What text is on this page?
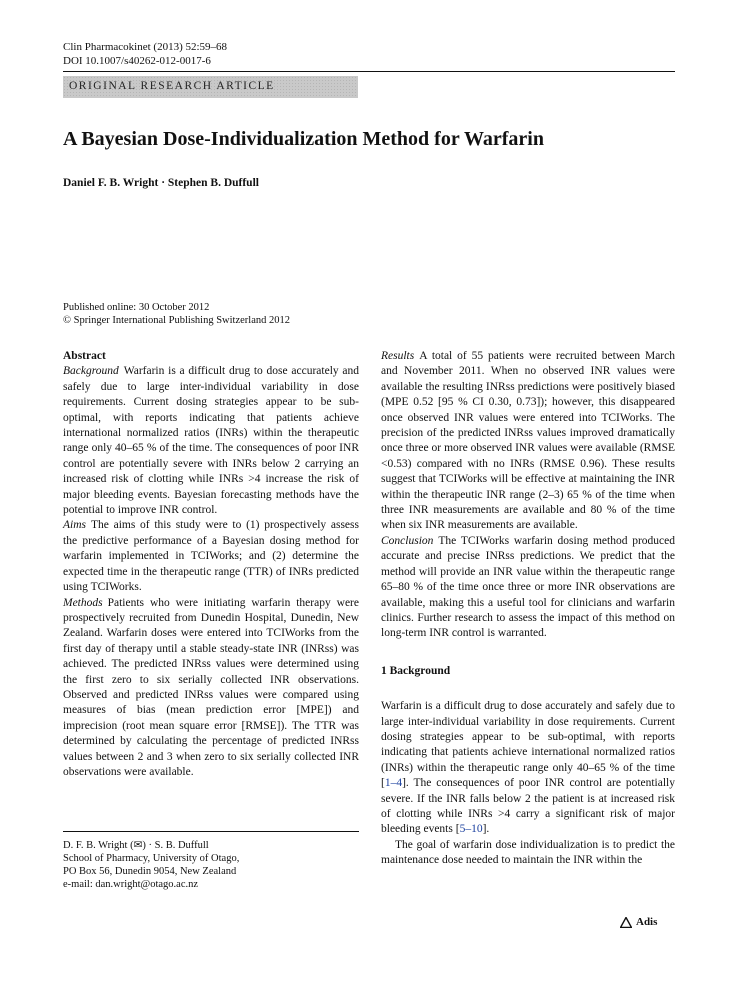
Clin Pharmacokinet (2013) 52:59–68
DOI 10.1007/s40262-012-0017-6
ORIGINAL RESEARCH ARTICLE
A Bayesian Dose-Individualization Method for Warfarin
Daniel F. B. Wright · Stephen B. Duffull
Published online: 30 October 2012
© Springer International Publishing Switzerland 2012

Abstract

Background Warfarin is a difficult drug to dose accurately and safely due to large inter-individual variability in dose requirements. Current dosing strategies appear to be sub-optimal, with reports indicating that patients achieve international normalized ratios (INRs) within the therapeutic range only 40–65 % of the time. The consequences of poor INR control are potentially severe with INRs below 2 carrying an increased risk of clotting while INRs >4 increase the risk of major bleeding events. Bayesian forecasting methods have the potential to improve INR control.

Aims The aims of this study were to (1) prospectively assess the predictive performance of a Bayesian dosing method for warfarin implemented in TCIWorks; and (2) determine the expected time in the therapeutic range (TTR) of INRs predicted using TCIWorks.

Methods Patients who were initiating warfarin therapy were prospectively recruited from Dunedin Hospital, Dunedin, New Zealand. Warfarin doses were entered into TCIWorks from the first day of therapy until a stable steady-state INR (INRss) was achieved. The predicted INRss values were determined using the first zero to six serially collected INR observations. Observed and predicted INRss values were compared using measures of bias (mean prediction error [MPE]) and imprecision (root mean square error [RMSE]). The TTR was determined by calculating the percentage of predicted INRss values between 2 and 3 when zero to six serially collected INR observations were available.

D. F. B. Wright (✉) · S. B. Duffull
School of Pharmacy, University of Otago,
PO Box 56, Dunedin 9054, New Zealand
e-mail: dan.wright@otago.ac.nz

Results A total of 55 patients were recruited between March and November 2011. When no observed INR values were available the resulting INRss predictions were positively biased (MPE 0.52 [95 % CI 0.30, 0.73]); however, this disappeared once observed INR values were entered into TCIWorks. The precision of the predicted INRss values improved dramatically once three or more observed INR values were available (RMSE <0.53) compared with no INRs (RMSE 0.96). These results suggest that TCIWorks will be effective at maintaining the INR within the therapeutic INR range (2–3) 65 % of the time when three INR measurements are available and 80 % of the time when six INR measurements are available.

Conclusion The TCIWorks warfarin dosing method produced accurate and precise INRss predictions. We predict that the method will provide an INR value within the therapeutic range 65–80 % of the time once three or more INR observations are available, making this a useful tool for clinicians and warfarin clinics. Further research to assess the impact of this method on long-term INR control is warranted.

1 Background

Warfarin is a difficult drug to dose accurately and safely due to large inter-individual variability in dose requirements. Current dosing strategies appear to be sub-optimal, with reports indicating that patients achieve international normalized ratios (INRs) within the therapeutic range only 40–65 % of the time [1–4]. The consequences of poor INR control are potentially severe. If the INR falls below 2 the patient is at increased risk of clotting while INRs >4 carry a significant risk of major bleeding events [5–10].

The goal of warfarin dose individualization is to predict the maintenance dose needed to maintain the INR within the

Adis
